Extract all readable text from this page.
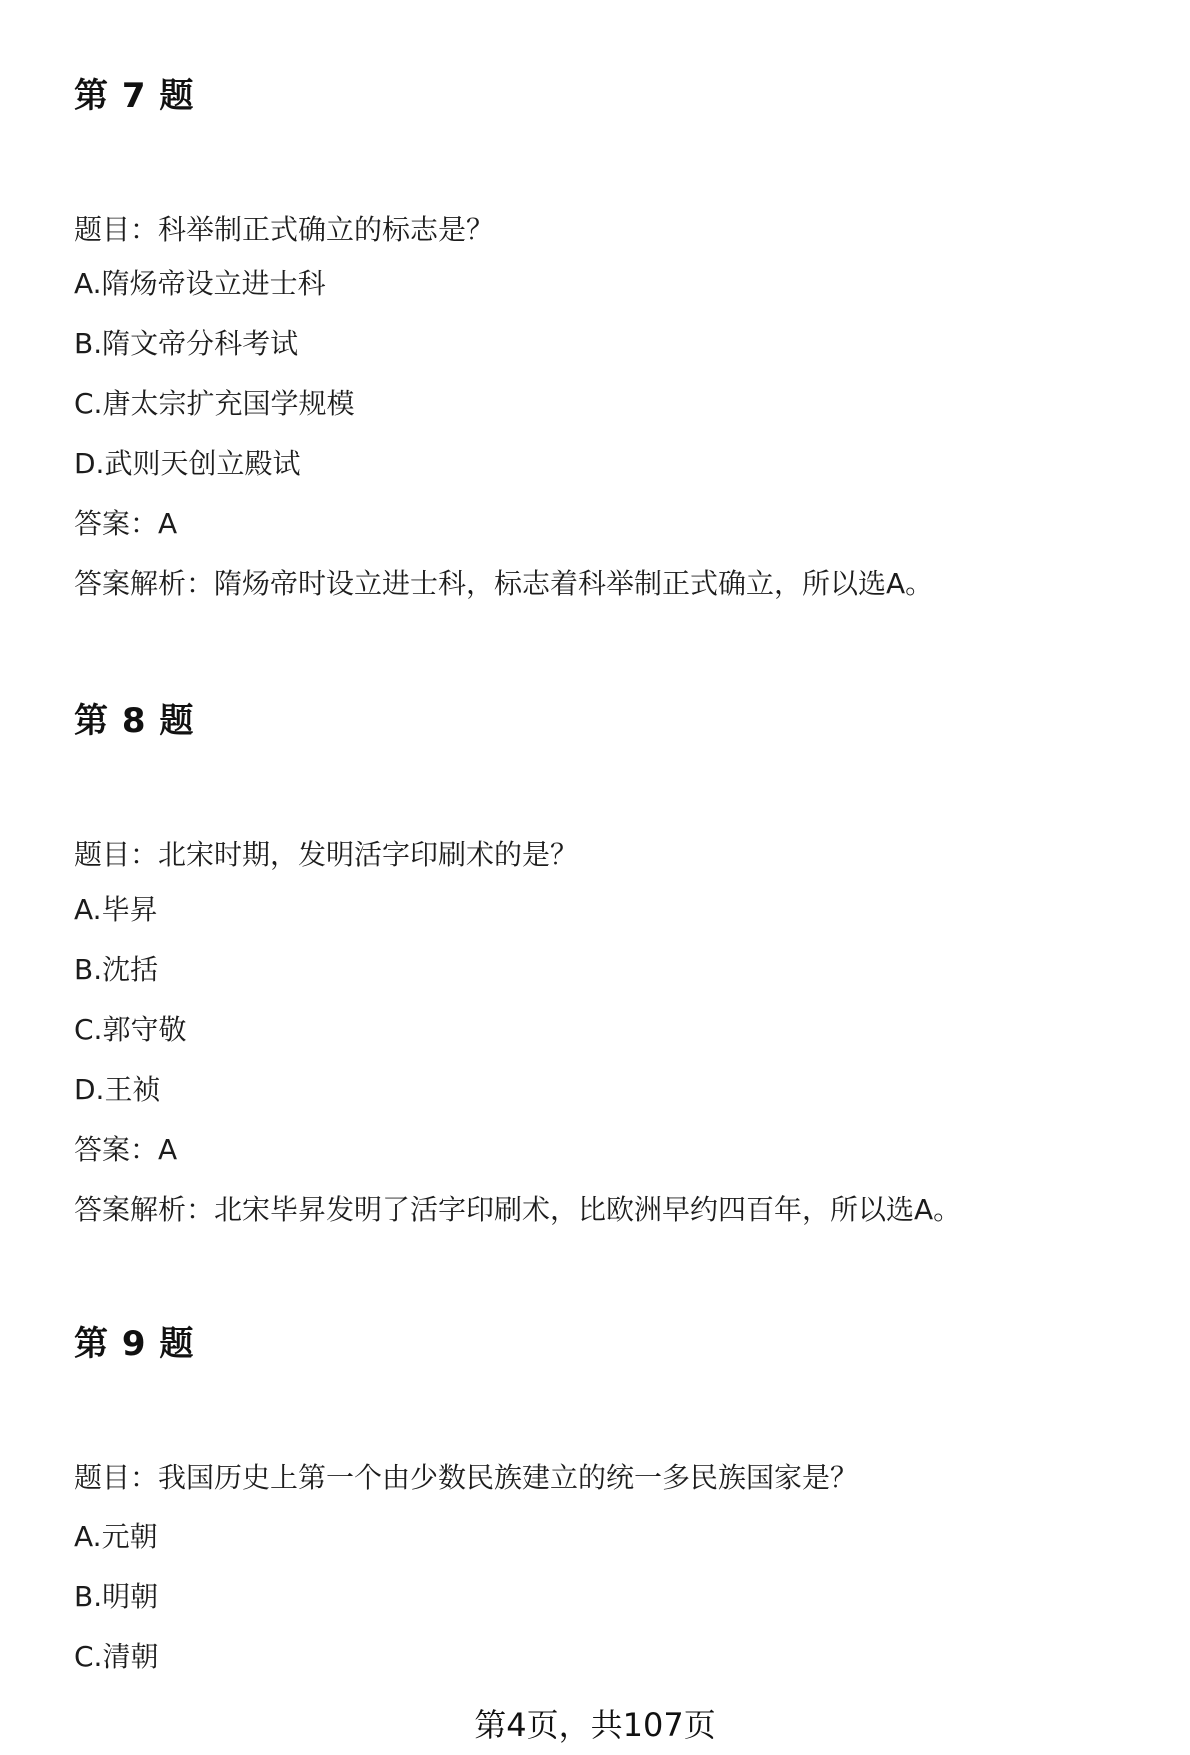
第 7 题
题目：科举制正式确立的标志是？
A.隋炀帝设立进士科
B.隋文帝分科考试
C.唐太宗扩充国学规模
D.武则天创立殿试
答案：A
答案解析：隋炀帝时设立进士科，标志着科举制正式确立，所以选A。
第 8 题
题目：北宋时期，发明活字印刷术的是？
A.毕昇
B.沈括
C.郭守敬
D.王祯
答案：A
答案解析：北宋毕昇发明了活字印刷术，比欧洲早约四百年，所以选A。
第 9 题
题目：我国历史上第一个由少数民族建立的统一多民族国家是？
A.元朝
B.明朝
C.清朝
第4页，共107页
